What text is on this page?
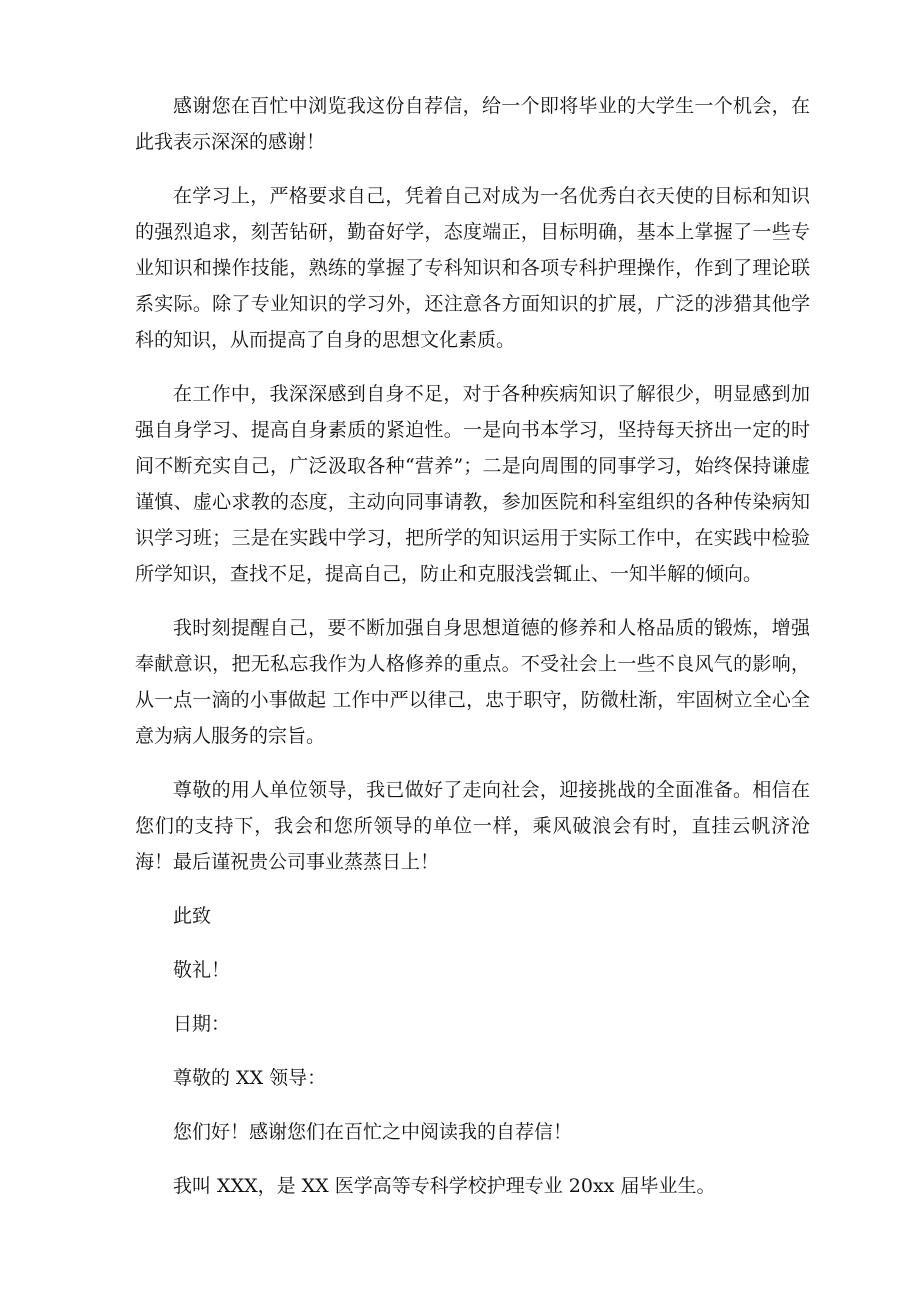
感谢您在百忙中浏览我这份自荐信，给一个即将毕业的大学生一个机会，在此我表示深深的感谢！

在学习上，严格要求自己，凭着自己对成为一名优秀白衣天使的目标和知识的强烈追求，刻苦钻研，勤奋好学，态度端正，目标明确，基本上掌握了一些专业知识和操作技能，熟练的掌握了专科知识和各项专科护理操作，作到了理论联系实际。除了专业知识的学习外，还注意各方面知识的扩展，广泛的涉猎其他学科的知识，从而提高了自身的思想文化素质。

在工作中，我深深感到自身不足，对于各种疾病知识了解很少，明显感到加强自身学习、提高自身素质的紧迫性。一是向书本学习，坚持每天挤出一定的时间不断充实自己，广泛汲取各种“营养”；二是向周围的同事学习，始终保持谦虚谨慎、虚心求教的态度，主动向同事请教，参加医院和科室组织的各种传染病知识学习班；三是在实践中学习，把所学的知识运用于实际工作中，在实践中检验所学知识，查找不足，提高自己，防止和克服浅尝辄止、一知半解的倾向。

我时刻提醒自己，要不断加强自身思想道德的修养和人格品质的锻炼，增强奉献意识，把无私忘我作为人格修养的重点。不受社会上一些不良风气的影响，从一点一滴的小事做起 工作中严以律己，忠于职守，防微杜渐，牢固树立全心全意为病人服务的宗旨。

尊敬的用人单位领导，我已做好了走向社会，迎接挑战的全面准备。相信在您们的支持下，我会和您所领导的单位一样，乘风破浪会有时，直挂云帆济沧海！最后谨祝贵公司事业蒸蒸日上！

此致

敬礼！

日期：

尊敬的 XX 领导：

您们好！感谢您们在百忙之中阅读我的自荐信！

我叫 XXX，是 XX 医学高等专科学校护理专业 20xx 届毕业生。
